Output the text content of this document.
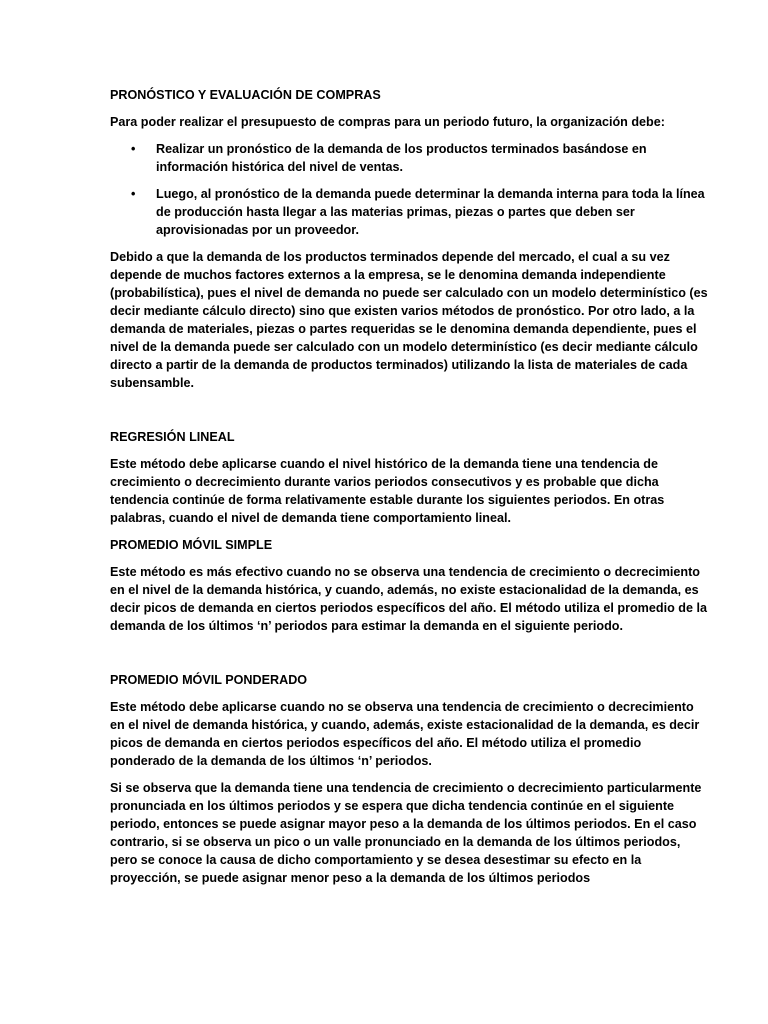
PRONÓSTICO Y EVALUACIÓN DE COMPRAS

Para poder realizar el presupuesto de compras para un periodo futuro, la organización debe:

• Realizar un pronóstico de la demanda de los productos terminados basándose en información histórica del nivel de ventas.
• Luego, al pronóstico de la demanda puede determinar la demanda interna para toda la línea de producción hasta llegar a las materias primas, piezas o partes que deben ser aprovisionadas por un proveedor.

Debido a que la demanda de los productos terminados depende del mercado, el cual a su vez depende de muchos factores externos a la empresa, se le denomina demanda independiente (probabilística), pues el nivel de demanda no puede ser calculado con un modelo determinístico (es decir mediante cálculo directo) sino que existen varios métodos de pronóstico. Por otro lado, a la demanda de materiales, piezas o partes requeridas se le denomina demanda dependiente, pues el nivel de la demanda puede ser calculado con un modelo determinístico (es decir mediante cálculo directo a partir de la demanda de productos terminados) utilizando la lista de materiales de cada subensamble.

REGRESIÓN LINEAL

Este método debe aplicarse cuando el nivel histórico de la demanda tiene una tendencia de crecimiento o decrecimiento durante varios periodos consecutivos y es probable que dicha tendencia continúe de forma relativamente estable durante los siguientes periodos. En otras palabras, cuando el nivel de demanda tiene comportamiento lineal.

PROMEDIO MÓVIL SIMPLE

Este método es más efectivo cuando no se observa una tendencia de crecimiento o decrecimiento en el nivel de la demanda histórica, y cuando, además, no existe estacionalidad de la demanda, es decir picos de demanda en ciertos periodos específicos del año. El método utiliza el promedio de la demanda de los últimos ‘n’ periodos para estimar la demanda en el siguiente periodo.

PROMEDIO MÓVIL PONDERADO

Este método debe aplicarse cuando no se observa una tendencia de crecimiento o decrecimiento en el nivel de demanda histórica, y cuando, además, existe estacionalidad de la demanda, es decir picos de demanda en ciertos periodos específicos del año. El método utiliza el promedio ponderado de la demanda de los últimos ‘n’ periodos.

Si se observa que la demanda tiene una tendencia de crecimiento o decrecimiento particularmente pronunciada en los últimos periodos y se espera que dicha tendencia continúe en el siguiente periodo, entonces se puede asignar mayor peso a la demanda de los últimos periodos. En el caso contrario, si se observa un pico o un valle pronunciado en la demanda de los últimos periodos, pero se conoce la causa de dicho comportamiento y se desea desestimar su efecto en la proyección, se puede asignar menor peso a la demanda de los últimos periodos
